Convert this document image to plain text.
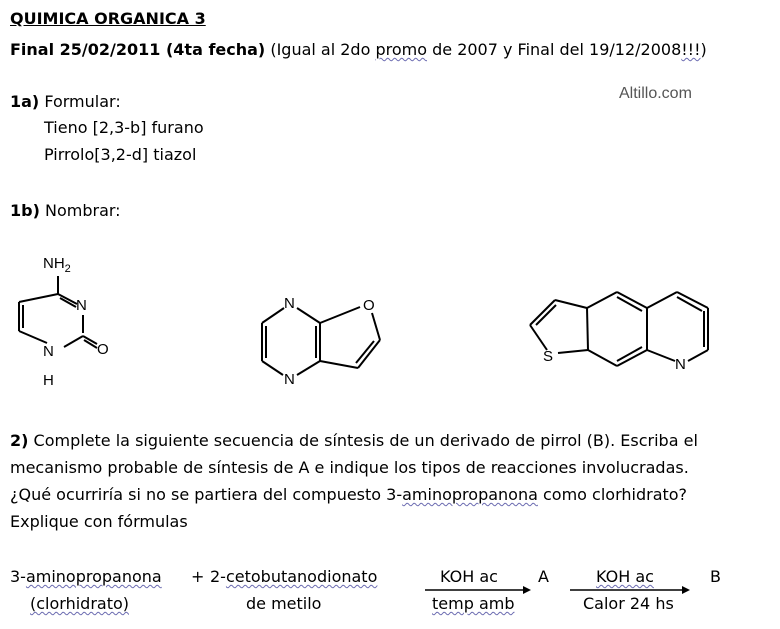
QUIMICA ORGANICA 3
Final 25/02/2011 (4ta fecha) (Igual al 2do promo de 2007 y Final del 19/12/2008!!!)
Altillo.com
1a) Formular:
Tieno [2,3-b] furano
Pirrolo[3,2-d] tiazol
1b) Nombrar:
$NH_2$
N
O
N
H
N
N
O
S	N
2) Complete la siguiente secuencia de síntesis de un derivado de pirrol (B). Escriba el
mecanismo probable de síntesis de A e indique los tipos de reacciones involucradas.
¿Qué ocurriría si no se partiera del compuesto 3-aminopropanona como clorhidrato?
Explique con fórmulas
3-aminopropanona
(clorhidrato)
+ 2-cetobutanodionato
de metilo
KOH ac
temp amb
A	KOH ac
Calor 24 hs
B
